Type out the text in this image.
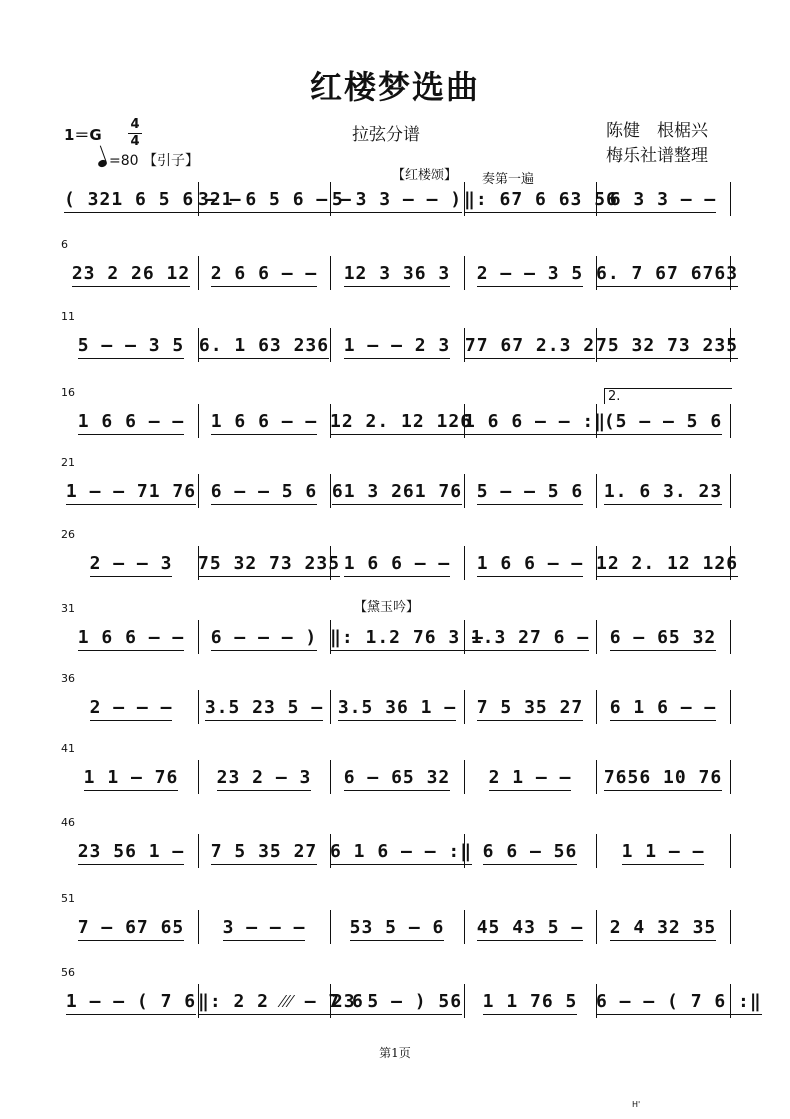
红楼梦选曲
拉弦分谱	陈健　根椐兴
梅乐社谱整理
1＝G
4
4
=80 【引子】
【红楼颂】 奏第一遍
【黛玉吟】
2.
( 321 6 5 6 – –
321 6 5 6 – –
5 3 3 – – ) ‖: 67 6 63 56
6 3 3 – –
6
23 2 26 12 2 6 6 – – 12 3 36 3 2 – – 3 5 6. 7 67 6763
11
5 – – 3 5 6. 1 63 236 1 – – 2 3 77 67 2.3 2 75 32 73 235
16
1 6 6 – – 1 6 6 – – 12 2. 12 126
1 6 6 – – :‖
(5 – – 5 6
21
1 – – 71 76 6 – – 5 6 61 3 261 76 5 – – 5 6 1. 6 3. 23
26
2 – – 3 75 32 73 235 1 6 6 – – 1 6 6 – – 12 2. 12 126
31
1 6 6 – – 6 – – – ) ‖: 1.2 76 3 –
1.3 27 6 – 6 – 65 32
36
2 – – – 3.5 23 5 – 3.5 36 1 – 7 5 35 27 6 1 6 – –
41
1 1 – 76 23 2 – 3 6 – 65 32 2 1 – – 7656 10 76
46
23 56 1 – 7 5 35 27 6 1 6 – – :‖ 6 6 – 56 1 1 – –
51
7 – 67 65 3 – – – 53 5 – 6 45 43 5 – 2 4 32 35
56
1 – – ( 7 6 ‖: 2 2 ⁄⁄⁄ – 7 6
23 5 – ) 56 1 1 76 5 6 – – ( 7 6 :‖
第1页
H'
